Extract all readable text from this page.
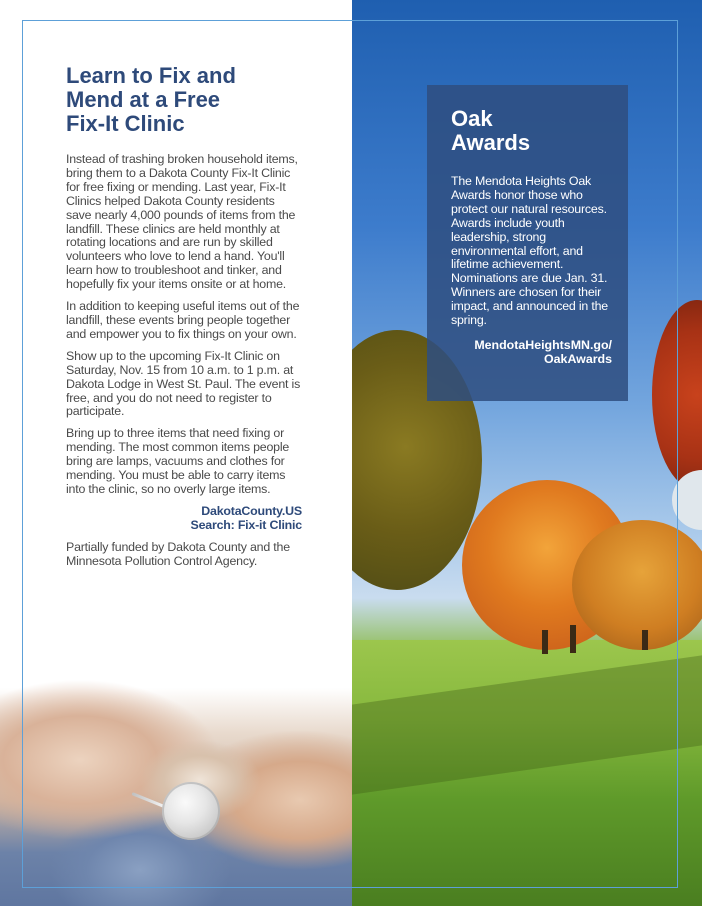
Learn to Fix and
Mend at a Free
Fix-It Clinic

Instead of trashing broken household items, bring them to a Dakota County Fix-It Clinic for free fixing or mending. Last year, Fix-It Clinics helped Dakota County residents save nearly 4,000 pounds of items from the landfill. These clinics are held monthly at rotating locations and are run by skilled volunteers who love to lend a hand. You'll learn how to troubleshoot and tinker, and hopefully fix your items onsite or at home.

In addition to keeping useful items out of the landfill, these events bring people together and empower you to fix things on your own.

Show up to the upcoming Fix-It Clinic on Saturday, Nov. 15 from 10 a.m. to 1 p.m. at Dakota Lodge in West St. Paul. The event is free, and you do not need to register to participate.

Bring up to three items that need fixing or mending. The most common items people bring are lamps, vacuums and clothes for mending. You must be able to carry items into the clinic, so no overly large items.

DakotaCounty.US
Search: Fix-it Clinic

Partially funded by Dakota County and the Minnesota Pollution Control Agency.

Oak
Awards

The Mendota Heights Oak Awards honor those who protect our natural resources. Awards include youth leadership, strong environmental effort, and lifetime achievement. Nominations are due Jan. 31. Winners are chosen for their impact, and announced in the spring.

MendotaHeightsMN.go/
OakAwards
